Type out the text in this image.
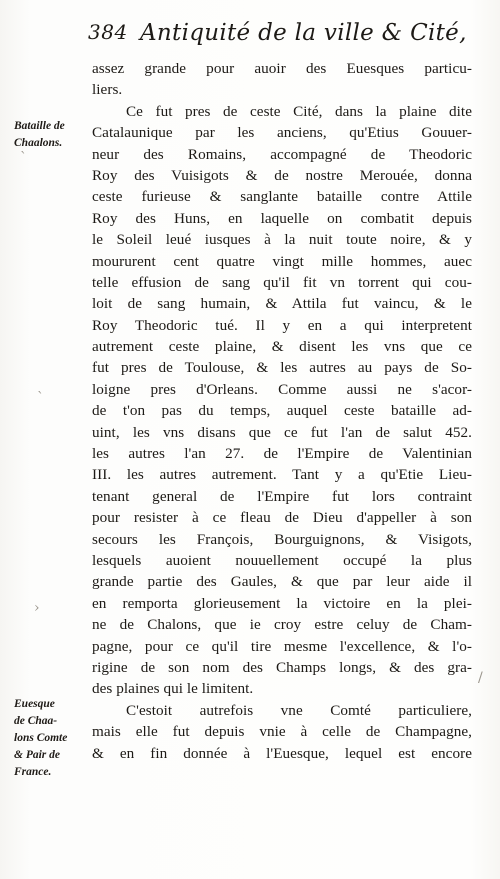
384 Antiquité de la ville & Cité,
Bataille de
Chaalons.
Euesque
de Chaa-
lons Comte
& Pair de
France.
ˋ
ˋ
›
/
assez grande pour auoir des Euesques particu-
liers.
Ce fut pres de ceste Cité, dans la plaine dite
Catalaunique par les anciens, qu'Etius Gouuer-
neur des Romains, accompagné de Theodoric
Roy des Vuisigots & de nostre Merouée, donna
ceste furieuse & sanglante bataille contre Attile
Roy des Huns, en laquelle on combatit depuis
le Soleil leué iusques à la nuit toute noire, & y
moururent cent quatre vingt mille hommes, auec
telle effusion de sang qu'il fit vn torrent qui cou-
loit de sang humain, & Attila fut vaincu, & le
Roy Theodoric tué. Il y en a qui interpretent
autrement ceste plaine, & disent les vns que ce
fut pres de Toulouse, & les autres au pays de So-
loigne pres d'Orleans. Comme aussi ne s'acor-
de t'on pas du temps, auquel ceste bataille ad-
uint, les vns disans que ce fut l'an de salut 452.
les autres l'an 27. de l'Empire de Valentinian
III. les autres autrement. Tant y a qu'Etie Lieu-
tenant general de l'Empire fut lors contraint
pour resister à ce fleau de Dieu d'appeller à son
secours les François, Bourguignons, & Visigots,
lesquels auoient nouuellement occupé la plus
grande partie des Gaules, & que par leur aide il
en remporta glorieusement la victoire en la plei-
ne de Chalons, que ie croy estre celuy de Cham-
pagne, pour ce qu'il tire mesme l'excellence, & l'o-
rigine de son nom des Champs longs, & des gra-
des plaines qui le limitent.
C'estoit autrefois vne Comté particuliere,
mais elle fut depuis vnie à celle de Champagne,
& en fin donnée à l'Euesque, lequel est encore
